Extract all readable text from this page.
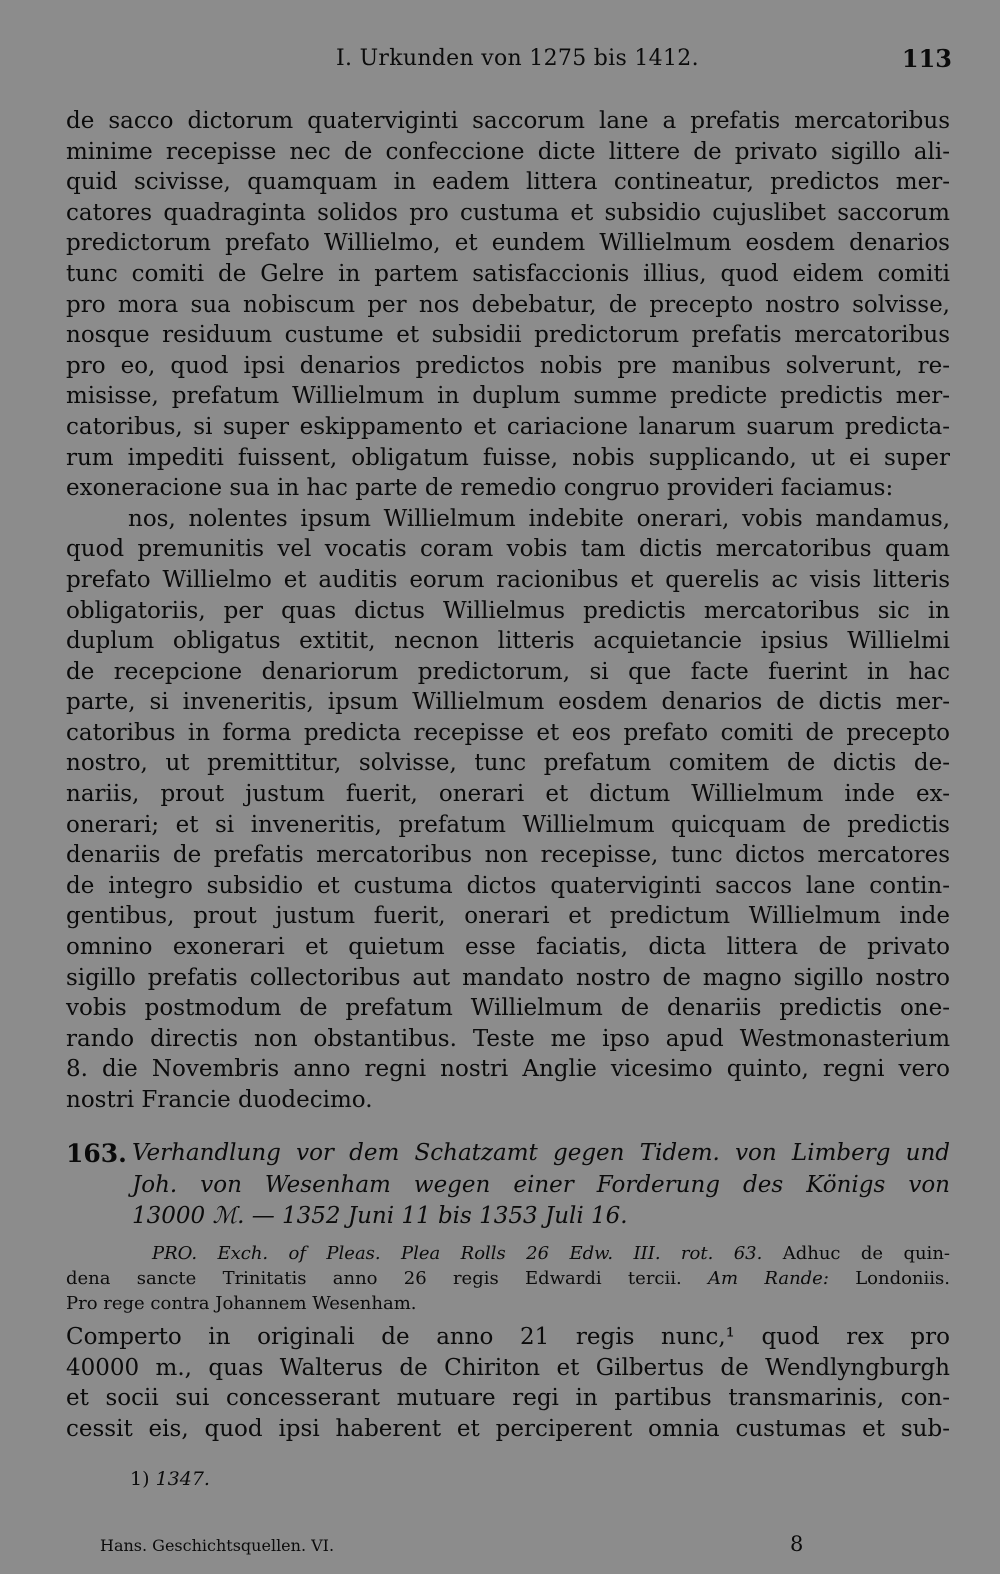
I. Urkunden von 1275 bis 1412.	113
de sacco dictorum quaterviginti saccorum lane a prefatis mercatoribus
minime recepisse nec de confeccione dicte littere de privato sigillo ali-
quid scivisse, quamquam in eadem littera contineatur, predictos mer-
catores quadraginta solidos pro custuma et subsidio cujuslibet saccorum
predictorum prefato Willielmo, et eundem Willielmum eosdem denarios
tunc comiti de Gelre in partem satisfaccionis illius, quod eidem comiti
pro mora sua nobiscum per nos debebatur, de precepto nostro solvisse,
nosque residuum custume et subsidii predictorum prefatis mercatoribus
pro eo, quod ipsi denarios predictos nobis pre manibus solverunt, re-
misisse, prefatum Willielmum in duplum summe predicte predictis mer-
catoribus, si super eskippamento et cariacione lanarum suarum predicta-
rum impediti fuissent, obligatum fuisse, nobis supplicando, ut ei super
exoneracione sua in hac parte de remedio congruo provideri faciamus:
nos, nolentes ipsum Willielmum indebite onerari, vobis mandamus,
quod premunitis vel vocatis coram vobis tam dictis mercatoribus quam
prefato Willielmo et auditis eorum racionibus et querelis ac visis litteris
obligatoriis, per quas dictus Willielmus predictis mercatoribus sic in
duplum obligatus extitit, necnon litteris acquietancie ipsius Willielmi
de recepcione denariorum predictorum, si que facte fuerint in hac
parte, si inveneritis, ipsum Willielmum eosdem denarios de dictis mer-
catoribus in forma predicta recepisse et eos prefato comiti de precepto
nostro, ut premittitur, solvisse, tunc prefatum comitem de dictis de-
nariis, prout justum fuerit, onerari et dictum Willielmum inde ex-
onerari; et si inveneritis, prefatum Willielmum quicquam de predictis
denariis de prefatis mercatoribus non recepisse, tunc dictos mercatores
de integro subsidio et custuma dictos quaterviginti saccos lane contin-
gentibus, prout justum fuerit, onerari et predictum Willielmum inde
omnino exonerari et quietum esse faciatis, dicta littera de privato
sigillo prefatis collectoribus aut mandato nostro de magno sigillo nostro
vobis postmodum de prefatum Willielmum de denariis predictis one-
rando directis non obstantibus. Teste me ipso apud Westmonasterium
8. die Novembris anno regni nostri Anglie vicesimo quinto, regni vero
nostri Francie duodecimo.
163. Verhandlung vor dem Schatzamt gegen Tidem. von Limberg und
Joh. von Wesenham wegen einer Forderung des Königs von
13000 ℳ. — 1352 Juni 11 bis 1353 Juli 16.
PRO. Exch. of Pleas. Plea Rolls 26 Edw. III. rot. 63. Adhuc de quin-
dena sancte Trinitatis anno 26 regis Edwardi tercii. Am Rande: Londoniis.
Pro rege contra Johannem Wesenham.
Comperto in originali de anno 21 regis nunc,¹ quod rex pro
40000 m., quas Walterus de Chiriton et Gilbertus de Wendlyngburgh
et socii sui concesserant mutuare regi in partibus transmarinis, con-
cessit eis, quod ipsi haberent et perciperent omnia custumas et sub-
1) 1347.
Hans. Geschichtsquellen. VI.	8
